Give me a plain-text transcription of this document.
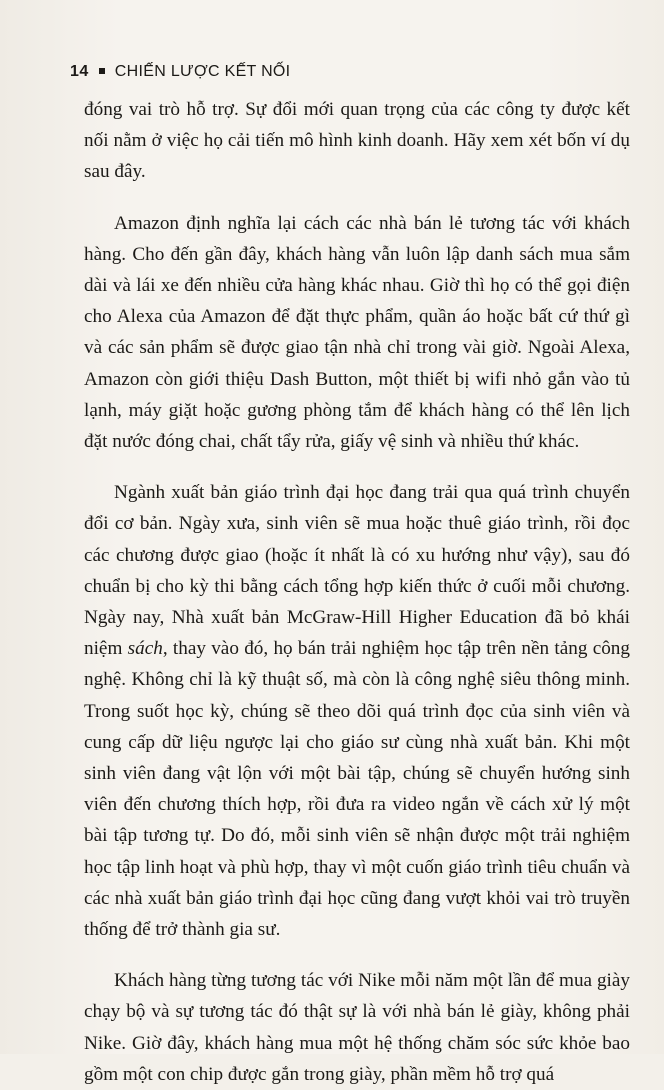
14 CHIẾN LƯỢC KẾT NỐI

đóng vai trò hỗ trợ. Sự đổi mới quan trọng của các công ty được kết nối nằm ở việc họ cải tiến mô hình kinh doanh. Hãy xem xét bốn ví dụ sau đây.

Amazon định nghĩa lại cách các nhà bán lẻ tương tác với khách hàng. Cho đến gần đây, khách hàng vẫn luôn lập danh sách mua sắm dài và lái xe đến nhiều cửa hàng khác nhau. Giờ thì họ có thể gọi điện cho Alexa của Amazon để đặt thực phẩm, quần áo hoặc bất cứ thứ gì và các sản phẩm sẽ được giao tận nhà chỉ trong vài giờ. Ngoài Alexa, Amazon còn giới thiệu Dash Button, một thiết bị wifi nhỏ gắn vào tủ lạnh, máy giặt hoặc gương phòng tắm để khách hàng có thể lên lịch đặt nước đóng chai, chất tẩy rửa, giấy vệ sinh và nhiều thứ khác.

Ngành xuất bản giáo trình đại học đang trải qua quá trình chuyển đổi cơ bản. Ngày xưa, sinh viên sẽ mua hoặc thuê giáo trình, rồi đọc các chương được giao (hoặc ít nhất là có xu hướng như vậy), sau đó chuẩn bị cho kỳ thi bằng cách tổng hợp kiến thức ở cuối mỗi chương. Ngày nay, Nhà xuất bản McGraw-Hill Higher Education đã bỏ khái niệm sách, thay vào đó, họ bán trải nghiệm học tập trên nền tảng công nghệ. Không chỉ là kỹ thuật số, mà còn là công nghệ siêu thông minh. Trong suốt học kỳ, chúng sẽ theo dõi quá trình đọc của sinh viên và cung cấp dữ liệu ngược lại cho giáo sư cùng nhà xuất bản. Khi một sinh viên đang vật lộn với một bài tập, chúng sẽ chuyển hướng sinh viên đến chương thích hợp, rồi đưa ra video ngắn về cách xử lý một bài tập tương tự. Do đó, mỗi sinh viên sẽ nhận được một trải nghiệm học tập linh hoạt và phù hợp, thay vì một cuốn giáo trình tiêu chuẩn và các nhà xuất bản giáo trình đại học cũng đang vượt khỏi vai trò truyền thống để trở thành gia sư.

Khách hàng từng tương tác với Nike mỗi năm một lần để mua giày chạy bộ và sự tương tác đó thật sự là với nhà bán lẻ giày, không phải Nike. Giờ đây, khách hàng mua một hệ thống chăm sóc sức khỏe bao gồm một con chip được gắn trong giày, phần mềm hỗ trợ quá
